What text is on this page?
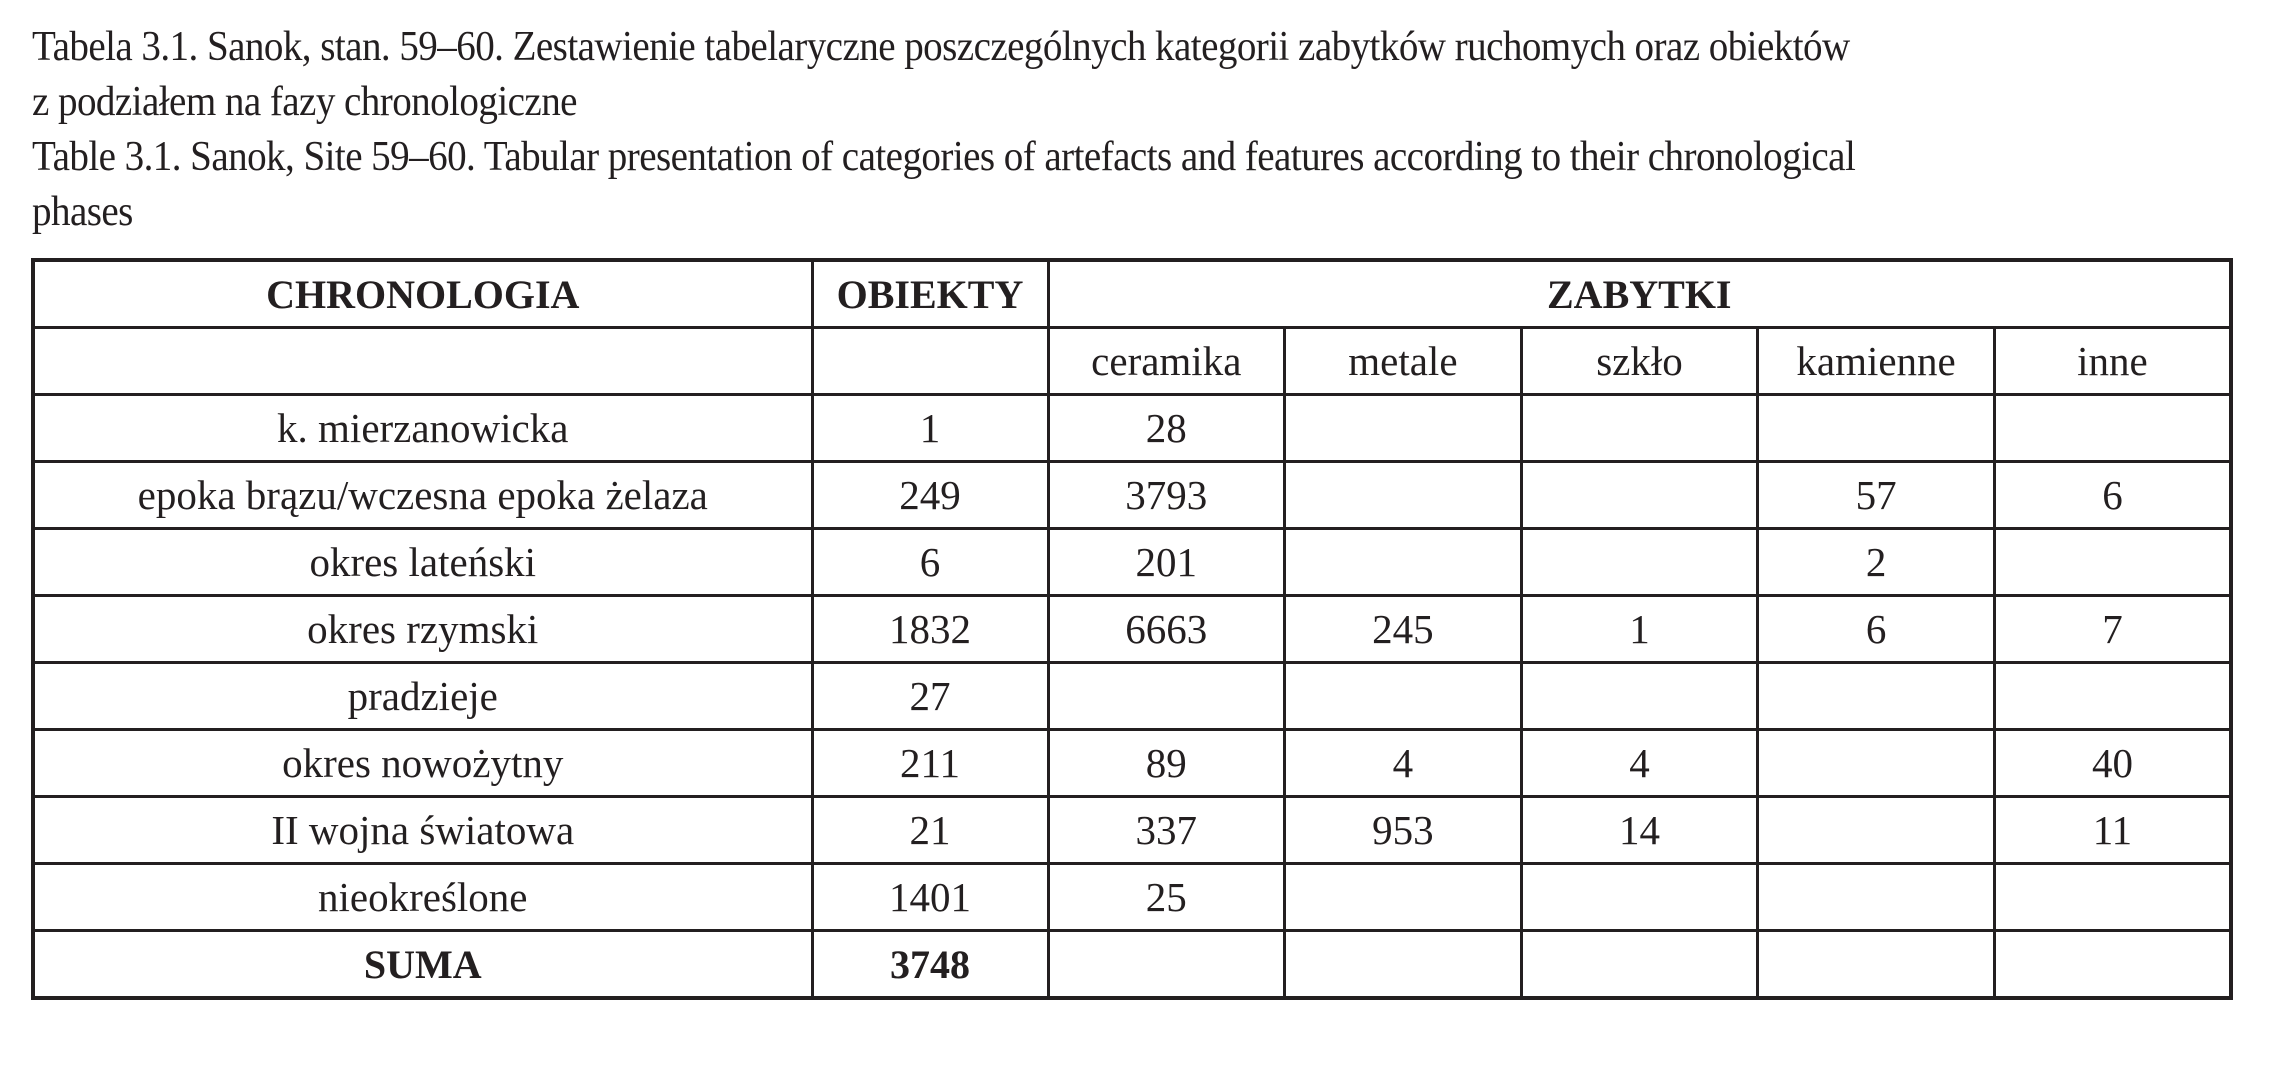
Tabela 3.1. Sanok, stan. 59–60. Zestawienie tabelaryczne poszczególnych kategorii zabytków ruchomych oraz obiektów
z podziałem na fazy chronologiczne
Table 3.1. Sanok, Site 59–60. Tabular presentation of categories of artefacts and features according to their chronological
phases
CHRONOLOGIA	OBIEKTY	ZABYTKI				
		ceramika	metale	szkło	kamienne	inne
k. mierzanowicka	1	28				
epoka brązu/wczesna epoka żelaza	249	3793			57	6
okres lateński	6	201			2	
okres rzymski	1832	6663	245	1	6	7
pradzieje	27					
okres nowożytny	211	89	4	4		40
II wojna światowa	21	337	953	14		11
nieokreślone	1401	25				
SUMA	3748					
